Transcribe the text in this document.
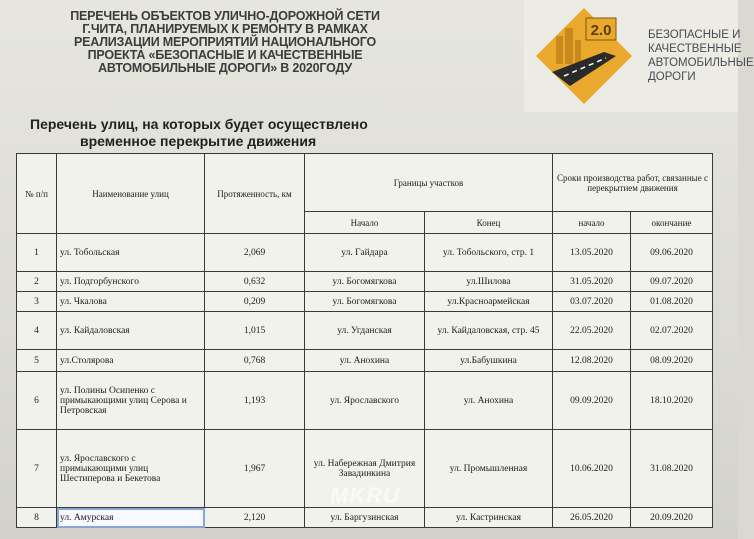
ПЕРЕЧЕНЬ ОБЪЕКТОВ УЛИЧНО-ДОРОЖНОЙ СЕТИ
Г.ЧИТА, ПЛАНИРУЕМЫХ К РЕМОНТУ В РАМКАХ
РЕАЛИЗАЦИИ МЕРОПРИЯТИЙ НАЦИОНАЛЬНОГО
ПРОЕКТА «БЕЗОПАСНЫЕ И КАЧЕСТВЕННЫЕ
АВТОМОБИЛЬНЫЕ ДОРОГИ» В 2020ГОДУ
2.0	БЕЗОПАСНЫЕ И
КАЧЕСТВЕННЫЕ
АВТОМОБИЛЬНЫЕ
ДОРОГИ
Перечень улиц, на которых будет осуществлено
временное перекрытие движения
№ п/п	Наименование улиц	Протяженность, км	Границы участков		Сроки производства работ, связанные с перекрытием движения	
			Начало	Конец	начало	окончание
1	ул. Тобольская	2,069	ул. Гайдара	ул. Тобольского, стр. 1	13.05.2020	09.06.2020
2	ул. Подгорбунского	0,632	ул. Богомягкова	ул.Шилова	31.05.2020	09.07.2020
3	ул. Чкалова	0,209	ул. Богомягкова	ул.Красноармейская	03.07.2020	01.08.2020
4	ул. Кайдаловская	1,015	ул. Угданская	ул. Кайдаловская, стр. 45	22.05.2020	02.07.2020
5	ул.Столярова	0,768	ул. Анохина	ул.Бабушкина	12.08.2020	08.09.2020
6	ул. Полины Осипенко с примыкающими улиц Серова и Петровская	1,193	ул. Ярославского	ул. Анохина	09.09.2020	18.10.2020
7	ул. Ярославского с примыкающими улиц Шестиперова и Бекетова	1,967	ул. Набережная Дмитрия Завадинкина	ул. Промышленная	10.06.2020	31.08.2020
8	ул. Амурская	2,120	ул. Баргузинская	ул. Кастринская	26.05.2020	20.09.2020
MKRU
